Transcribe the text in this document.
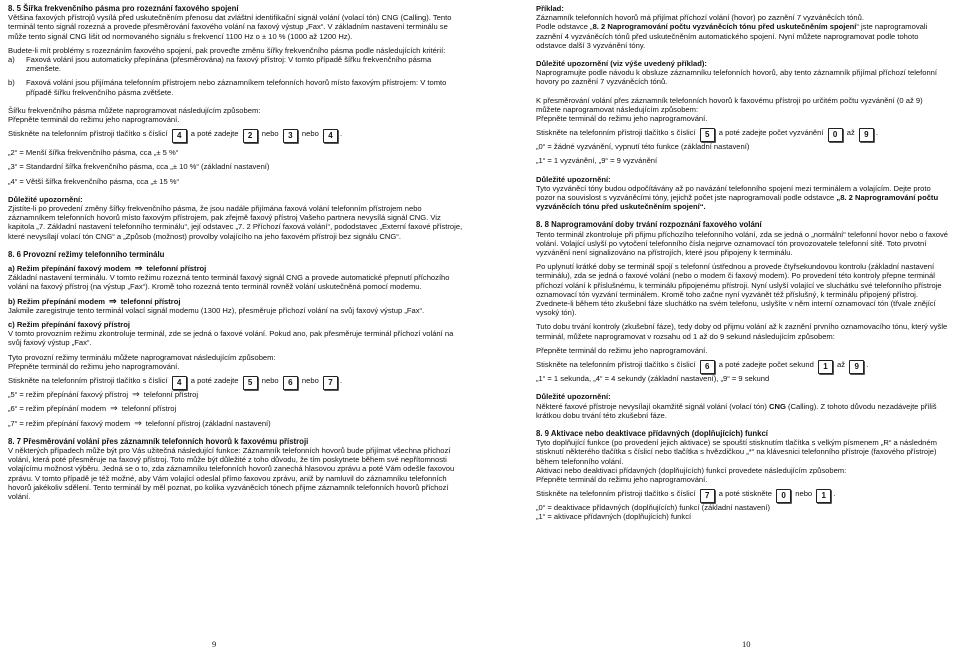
8. 5 Šířka frekvenčního pásma pro rozeznání faxového spojení

Většina faxových přístrojů vysílá před uskutečněním přenosu dat zvláštní identifikační signál volání (volací tón) CNG (Calling). Tento terminál tento signál rozezná a provede přesměrování faxového volání na faxový výstup „Fax“. V základním nastavení terminálu se může tento signál CNG lišit od normovaného signálu s frekvencí 1100 Hz o ± 10 % (1000 až 1200 Hz).

Budete-li mít problémy s rozeznáním faxového spojení, pak proveďte změnu šířky frekvenčního pásma podle následujících kritérií:

a)	Faxová volání jsou automaticky přepínána (přesměrována) na faxový přístroj: V tomto případě šířku frekvenčního pásma zmenšete.
b)	Faxová volání jsou přijímána telefonním přístrojem nebo záznamníkem telefonních hovorů místo faxovým přístrojem: V tomto případě šířku frekvenčního pásma zvětšete.

Šířku frekvenčního pásma můžete naprogramovat následujícím způsobem:

Přepněte terminál do režimu jeho naprogramování.

Stiskněte na telefonním přístroji tlačítko s číslicí 4 a poté zadejte 2 nebo 3 nebo 4 .

„2“ = Menší šířka frekvenčního pásma, cca „± 5 %“

„3“ = Standardní šířka frekvenčního pásma, cca „± 10 %“ (základní nastavení)

„4“ = Větší šířka frekvenčního pásma, cca „± 15 %“

Důležité upozornění:

Zjistíte-li po provedení změny šířky frekvenčního pásma, že jsou nadále přijímána faxová volání telefonním přístrojem nebo záznamníkem telefonních hovorů místo faxovým přístrojem, pak zřejmě faxový přístroj Vašeho partnera nevysílá signál CNG. Viz kapitola „7. Základní nastavení telefonního terminálu“, její odstavec „7. 2 Příchozí faxová volání“, pododstavec „Externí faxové přístroje, které nevysílají volací tón CNG“ a „Způsob (možnost) provolby volajícího na jeho faxovém přístroji bez signálu CNG“.

8. 6 Provozní režimy telefonního terminálu

a) Režim přepínání faxový modem ⇒ telefonní přístroj

Základní nastavení terminálu. V tomto režimu rozezná tento terminál faxový signál CNG a provede automatické přepnutí příchozího volání na faxový přístroj (na výstup „Fax“). Kromě toho rozezná tento terminál rovněž volání uskutečněná pomocí modemu.

b) Režim přepínání modem ⇒ telefonní přístroj

Jakmile zaregistruje tento terminál volací signál modemu (1300 Hz), přesměruje příchozí volání na svůj faxový výstup „Fax“.

c) Režim přepínání faxový přístroj

V tomto provozním režimu zkontroluje terminál, zde se jedná o faxové volání. Pokud ano, pak přesměruje terminál příchozí volání na svůj faxový výstup „Fax“.

Tyto provozní režimy terminálu můžete naprogramovat následujícím způsobem:

Přepněte terminál do režimu jeho naprogramování.

Stiskněte na telefonním přístroji tlačítko s číslicí 4 a poté zadejte 5 nebo 6 nebo 7 .

„5“ = režim přepínání faxový přístroj ⇒ telefonní přístroj

„6“ = režim přepínání modem ⇒ telefonní přístroj

„7“ = režim přepínání faxový modem ⇒ telefonní přístroj (základní nastavení)

8. 7 Přesměrování volání přes záznamník telefonních hovorů k faxovému přístroji

V některých případech může být pro Vás užitečná následující funkce: Záznamník telefonních hovorů bude přijímat všechna příchozí volání, která poté přesměruje na faxový přístroj. Toto může být důležité z toho důvodu, že tím poskytnete během své nepřítomnosti volajícímu možnost výběru. Jedná se o to, zda záznamníku telefonních hovorů zanechá hlasovou zprávu a poté Vám odešle faxovou zprávu. V tomto případě je též možné, aby Vám volající odeslal přímo faxovou zprávu, aniž by namluvil do záznamníku telefonních hovorů jakékoliv sdělení. Tento terminál by měl poznat, po kolika vyzváněcích tónech přijme záznamník telefonních hovorů příchozí volání.

Příklad:

Záznamník telefonních hovorů má přijímat příchozí volání (hovor) po zaznění 7 vyzváněcích tónů.

Podle odstavce „8. 2 Naprogramování počtu vyzváněcích tónu před uskutečněním spojení“ jste naprogramovali zaznění 4 vyzváněcích tónů před uskutečněním automatického spojení. Nyní můžete naprogramovat podle tohoto odstavce další 3 vyzvánění tóny.

Důležité upozornění (viz výše uvedený příklad):

Naprogramujte podle návodu k obsluze záznamníku telefonních hovorů, aby tento záznamník přijímal příchozí telefonní hovory po zaznění 7 vyzváněcích tónů.

K přesměrování volání přes záznamník telefonních hovorů k faxovému přístroji po určitém počtu vyzvánění (0 až 9) můžete naprogramovat následujícím způsobem:

Přepněte terminál do režimu jeho naprogramování.

Stiskněte na telefonním přístroji tlačítko s číslicí 5 a poté zadejte počet vyzvánění 0 až 9 .

„0“ = žádné vyzvánění, vypnutí této funkce (základní nastavení)

„1“ = 1 vyzvánění, „9“ = 9 vyzvánění

Důležité upozornění:

Tyto vyzváněcí tóny budou odpočítávány až po navázání telefonního spojení mezi terminálem a volajícím. Dejte proto pozor na souvislost s vyzváněcími tóny, jejichž počet jste naprogramovali podle odstavce „8. 2 Naprogramování počtu vyzváněcích tónu před uskutečněním spojení“.

8. 8 Naprogramování doby trvání rozpoznání faxového volání

Tento terminál zkontroluje při přijmu příchozího telefonního volání, zda se jedná o „normální“ telefonní hovor nebo o faxové volání. Volající uslyší po vytočení telefonního čísla nejprve oznamovací tón provozovatele telefonní sítě. Toto prvotní vyzvánění není signalizováno na přístrojích, které jsou připojeny k terminálu.

Po uplynutí krátké doby se terminál spojí s telefonní ústřednou a provede čtyřsekundovou kontrolu (základní nastavení terminálu), zda se jedná o faxové volání (nebo o modem či faxový modem). Po provedení této kontroly přepne terminál příchozí volání k příslušnému, k terminálu připojenému přístroji. Nyní uslyší volající ve sluchátku své telefonního přístroje oznamovací tón vyzvání terminálem. Kromě toho začne nyní vyzvánět též příslušný, k terminálu připojený přístroj. Zvednete-li během této zkušební fáze sluchátko na svém telefonu, uslyšíte v něm interní oznamovací tón (třvale znějící vysoký tón).

Tuto dobu trvání kontroly (zkušební fáze), tedy doby od přijmu volání až k zaznění prvního oznamovacího tónu, který vyšle terminál, můžete naprogramovat v rozsahu od 1 až do 9 sekund následujícím způsobem:

Přepněte terminál do režimu jeho naprogramování.

Stiskněte na telefonním přístroji tlačítko s číslicí 6 a poté zadejte počet sekund 1 až 9 .

„1“ = 1 sekunda, „4“ = 4 sekundy (základní nastavení), „9“ = 9 sekund

Důležité upozornění:

Některé faxové přístroje nevysílají okamžitě signál volání (volací tón) CNG (Calling). Z tohoto důvodu nezadávejte příliš krátkou dobu trvání této zkušební fáze.

8. 9 Aktivace nebo deaktivace přídavných (doplňujících) funkcí

Tyto doplňující funkce (po provedení jejich aktivace) se spouští stisknutím tlačítka s velkým písmenem „R“ a následném stisknutí některého tlačítka s číslicí nebo tlačítka s hvězdičkou „*“ na klávesnici telefonního přístroje (faxového přístroje) během telefonního volání.

Aktivaci nebo deaktivaci přídavných (doplňujících) funkcí provedete následujícím způsobem:

Přepněte terminál do režimu jeho naprogramování.

Stiskněte na telefonním přístroji tlačítko s číslicí 7 a poté stiskněte 0 nebo 1 .

„0“ = deaktivace přídavných (doplňujících) funkcí (základní nastavení)

„1“ = aktivace přídavných (doplňujících) funkcí

9	10
